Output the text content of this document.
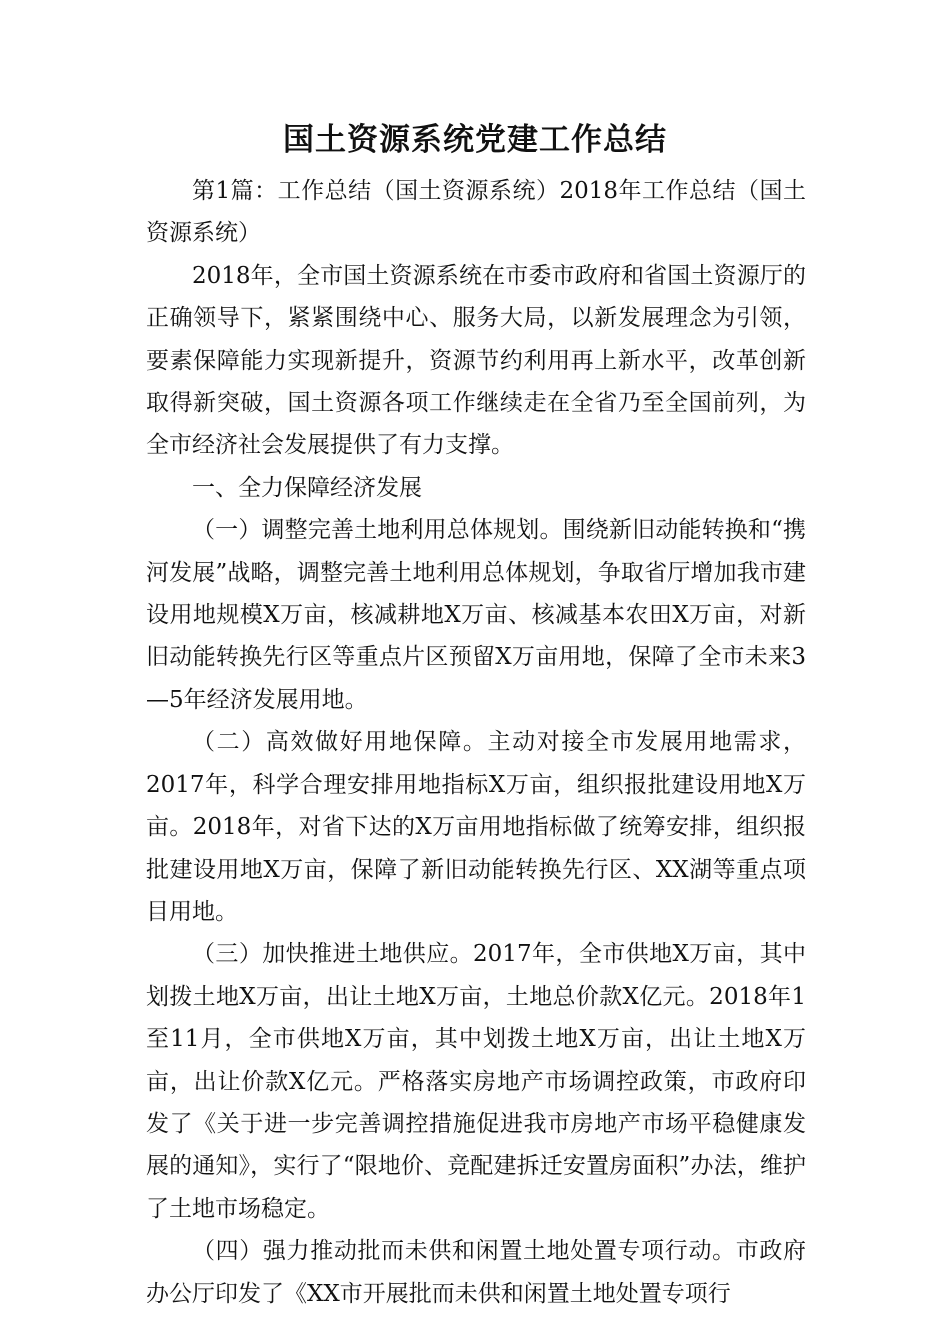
国土资源系统党建工作总结

第1篇：工作总结（国土资源系统）2018年工作总结（国土资源系统）

2018年，全市国土资源系统在市委市政府和省国土资源厅的正确领导下，紧紧围绕中心、服务大局，以新发展理念为引领，要素保障能力实现新提升，资源节约利用再上新水平，改革创新取得新突破，国土资源各项工作继续走在全省乃至全国前列，为全市经济社会发展提供了有力支撑。

一、全力保障经济发展

（一）调整完善土地利用总体规划。围绕新旧动能转换和“携河发展”战略，调整完善土地利用总体规划，争取省厅增加我市建设用地规模X万亩，核减耕地X万亩、核减基本农田X万亩，对新旧动能转换先行区等重点片区预留X万亩用地，保障了全市未来3—5年经济发展用地。

（二）高效做好用地保障。主动对接全市发展用地需求，2017年，科学合理安排用地指标X万亩，组织报批建设用地X万亩。2018年，对省下达的X万亩用地指标做了统筹安排，组织报批建设用地X万亩，保障了新旧动能转换先行区、XX湖等重点项目用地。

（三）加快推进土地供应。2017年，全市供地X万亩，其中划拨土地X万亩，出让土地X万亩，土地总价款X亿元。2018年1至11月，全市供地X万亩，其中划拨土地X万亩，出让土地X万亩，出让价款X亿元。严格落实房地产市场调控政策，市政府印发了《关于进一步完善调控措施促进我市房地产市场平稳健康发展的通知》，实行了“限地价、竞配建拆迁安置房面积”办法，维护了土地市场稳定。

（四）强力推动批而未供和闲置土地处置专项行动。市政府办公厅印发了《XX市开展批而未供和闲置土地处置专项行
